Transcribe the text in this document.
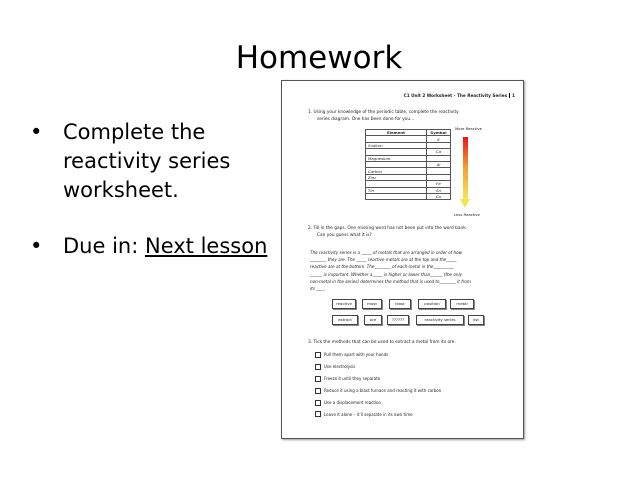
Homework
• Complete the
reactivity series
worksheet.
• Due in: Next lesson
C1 Unit 2 Worksheet – The Reactivity Series 1
1. Using your knowledge of the periodic table, complete the reactivity
series diagram. One has been done for you…
Element	Symbol
	K
Sodium	
	Ca
Magnesium	
	Al
Carbon	
Zinc	
	Fe
Tin	Sn
	Cu
More Reactive
Less Reactive
2. Fill in the gaps. One missing word has not been put into the word bank.
Can you guess what it is?
The reactivity series is a _____ of metals that are arranged in order of how
________ they are. The _____ reactive metals are at the top and the_____
reactive are at the bottom. The________ of each metal in the__________
______ is important. Whether a_____ is higher or lower than______ (the only
non-metal in the series) determines the method that is used to________ it from
its ____.
reactive	most	least	position	metal
extract	ore	??????	reactivity series	list
3. Tick the methods that can be used to extract a metal from its ore.
Pull them apart with your hands
Use electrolysis
Freeze it until they separate
Reduce it using a blast furnace and reacting it with carbon
Use a displacement reaction
Leave it alone – it’ll separate in its own time
